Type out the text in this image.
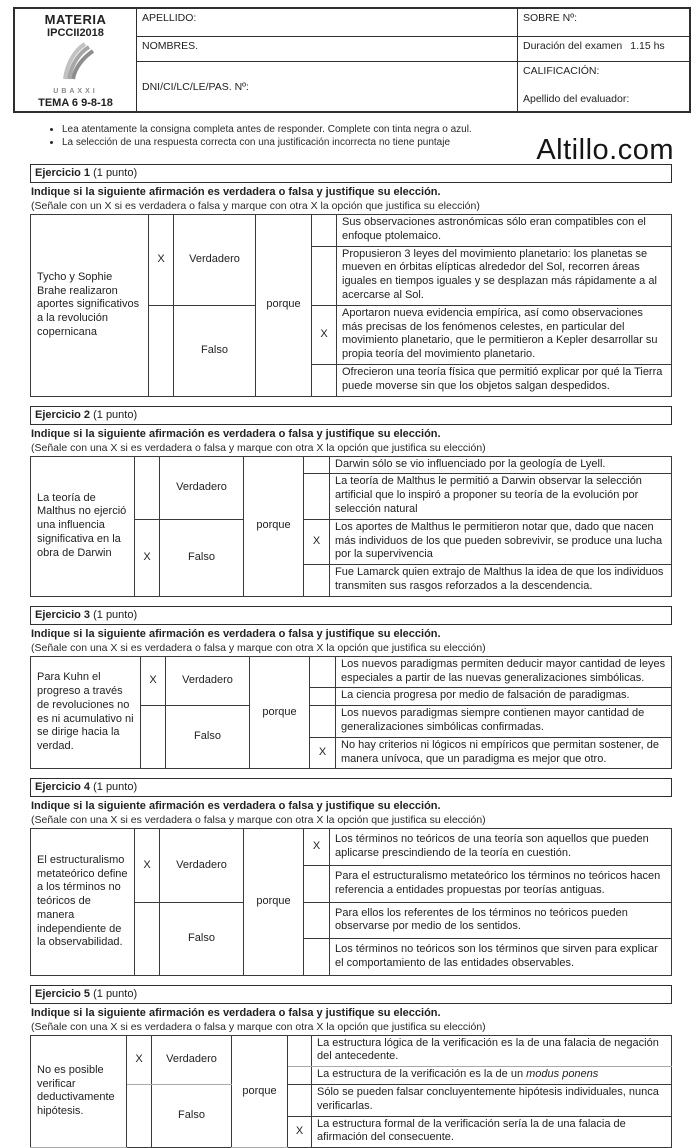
MATERIA
IPCCII2018
UBAXXI
TEMA 6 9-8-18
APELLIDO:
NOMBRES.
DNI/CI/LC/LE/PAS. Nº:
SOBRE Nº:
Duración del examen 1.15 hs
CALIFICACIÓN:
Apellido del evaluador:
• Lea atentamente la consigna completa antes de responder. Complete con tinta negra o azul.
• La selección de una respuesta correcta con una justificación incorrecta no tiene puntaje	Altillo.com
Ejercicio 1 (1 punto)
Indique si la siguiente afirmación es verdadera o falsa y justifique su elección.
(Señale con un X si es verdadera o falsa y marque con otra X la opción que justifica su elección)
Tycho y Sophie Brahe realizaron aportes significativos a la revolución copernicana	X	Verdadero	porque		Sus observaciones astronómicas sólo eran compatibles con el enfoque ptolemaico.
					Propusieron 3 leyes del movimiento planetario: los planetas se mueven en órbitas elípticas alrededor del Sol, recorren áreas iguales en tiempos iguales y se desplazan más rápidamente a al acercarse al Sol.
		Falso		X	Aportaron nueva evidencia empírica, así como observaciones más precisas de los fenómenos celestes, en particular del movimiento planetario, que le permitieron a Kepler desarrollar su propia teoría del movimiento planetario.
					Ofrecieron una teoría física que permitió explicar por qué la Tierra puede moverse sin que los objetos salgan despedidos.
Ejercicio 2 (1 punto)
Indique si la siguiente afirmación es verdadera o falsa y justifique su elección.
(Señale con una X si es verdadera o falsa y marque con otra X la opción que justifica su elección)
La teoría de Malthus no ejerció una influencia significativa en la obra de Darwin		Verdadero	porque		Darwin sólo se vio influenciado por la geología de Lyell.
					La teoría de Malthus le permitió a Darwin observar la selección artificial que lo inspiró a proponer su teoría de la evolución por selección natural
	X	Falso		X	Los aportes de Malthus le permitieron notar que, dado que nacen más individuos de los que pueden sobrevivir, se produce una lucha por la supervivencia
					Fue Lamarck quien extrajo de Malthus la idea de que los individuos transmiten sus rasgos reforzados a la descendencia.
Ejercicio 3 (1 punto)
Indique si la siguiente afirmación es verdadera o falsa y justifique su elección.
(Señale con una X si es verdadera o falsa y marque con otra X la opción que justifica su elección)
Para Kuhn el progreso a través de revoluciones no es ni acumulativo ni se dirige hacia la verdad.	X	Verdadero	porque		Los nuevos paradigmas permiten deducir mayor cantidad de leyes especiales a partir de las nuevas generalizaciones simbólicas.
					La ciencia progresa por medio de falsación de paradigmas.
		Falso			Los nuevos paradigmas siempre contienen mayor cantidad de generalizaciones simbólicas confirmadas.
				X	No hay criterios ni lógicos ni empíricos que permitan sostener, de manera unívoca, que un paradigma es mejor que otro.
Ejercicio 4 (1 punto)
Indique si la siguiente afirmación es verdadera o falsa y justifique su elección.
(Señale con una X si es verdadera o falsa y marque con otra X la opción que justifica su elección)
El estructuralismo metateórico define a los términos no teóricos de manera independiente de la observabilidad.	X	Verdadero	porque	X	Los términos no teóricos de una teoría son aquellos que pueden aplicarse prescindiendo de la teoría en cuestión.
					Para el estructuralismo metateórico los términos no teóricos hacen referencia a entidades propuestas por teorías antiguas.
		Falso			Para ellos los referentes de los términos no teóricos pueden observarse por medio de los sentidos.
					Los términos no teóricos son los términos que sirven para explicar el comportamiento de las entidades observables.
Ejercicio 5 (1 punto)
Indique si la siguiente afirmación es verdadera o falsa y justifique su elección.
(Señale con una X si es verdadera o falsa y marque con otra X la opción que justifica su elección)
No es posible verificar deductivamente hipótesis.	X	Verdadero	porque		La estructura lógica de la verificación es la de una falacia de negación del antecedente.
					La estructura de la verificación es la de un modus ponens
		Falso			Sólo se pueden falsar concluyentemente hipótesis individuales, nunca verificarlas.
				X	La estructura formal de la verificación sería la de una falacia de afirmación del consecuente.
